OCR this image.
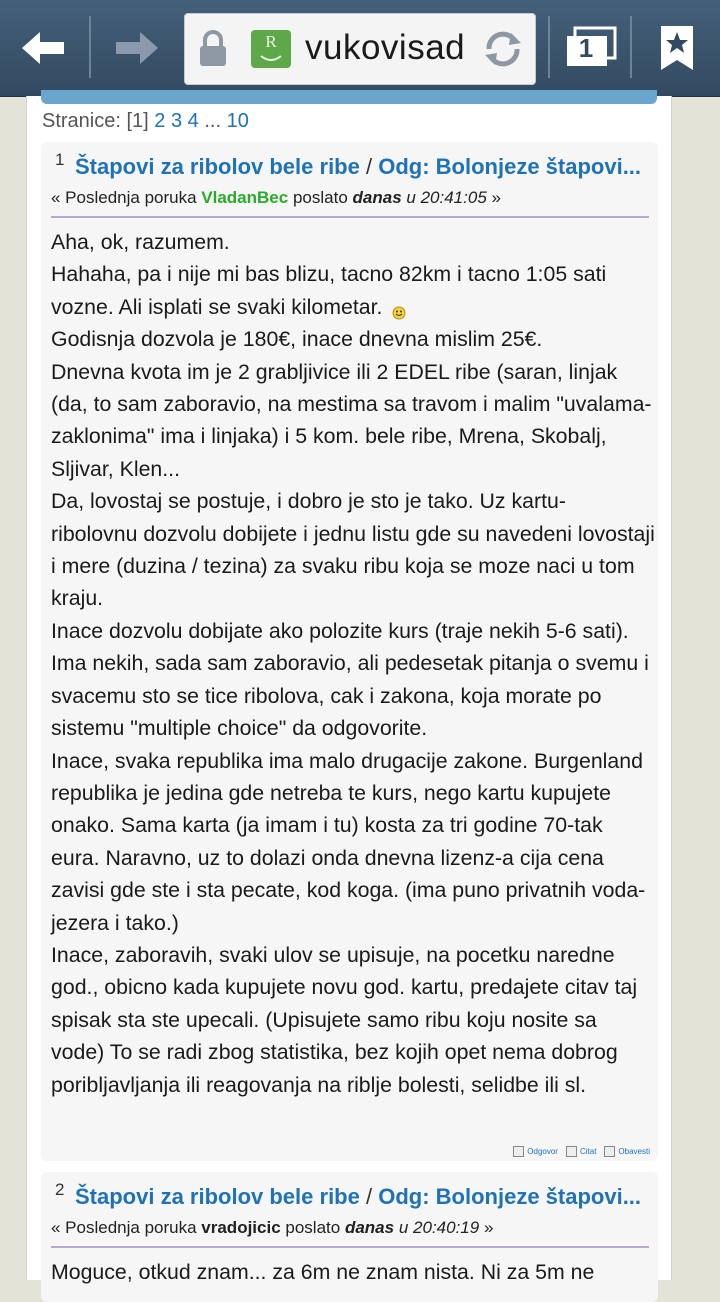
R vukovisad	1
Stranice: [1] 2 3 4 ... 10
1 Štapovi za ribolov bele ribe / Odg: Bolonjeze štapovi...
« Poslednja poruka VladanBec poslato danas u 20:41:05 »

Aha, ok, razumem.

Hahaha, pa i nije mi bas blizu, tacno 82km i tacno 1:05 sati vozne. Ali isplati se svaki kilometar.

Godisnja dozvola je 180€, inace dnevna mislim 25€.

Dnevna kvota im je 2 grabljivice ili 2 EDEL ribe (saran, linjak (da, to sam zaboravio, na mestima sa travom i malim "uvalama- zaklonima" ima i linjaka) i 5 kom. bele ribe, Mrena, Skobalj, Sljivar, Klen...

Da, lovostaj se postuje, i dobro je sto je tako. Uz kartu- ribolovnu dozvolu dobijete i jednu listu gde su navedeni lovostaji i mere (duzina / tezina) za svaku ribu koja se moze naci u tom kraju.

Inace dozvolu dobijate ako polozite kurs (traje nekih 5-6 sati). Ima nekih, sada sam zaboravio, ali pedesetak pitanja o svemu i svacemu sto se tice ribolova, cak i zakona, koja morate po sistemu "multiple choice" da odgovorite.

Inace, svaka republika ima malo drugacije zakone. Burgenland republika je jedina gde netreba te kurs, nego kartu kupujete onako. Sama karta (ja imam i tu) kosta za tri godine 70-tak eura. Naravno, uz to dolazi onda dnevna lizenz-a cija cena zavisi gde ste i sta pecate, kod koga. (ima puno privatnih voda- jezera i tako.)

Inace, zaboravih, svaki ulov se upisuje, na pocetku naredne god., obicno kada kupujete novu god. kartu, predajete citav taj spisak sta ste upecali. (Upisujete samo ribu koju nosite sa vode) To se radi zbog statistika, bez kojih opet nema dobrog poribljavljanja ili reagovanja na riblje bolesti, selidbe ili sl.

Odgovor	Citat	Obavesti
2 Štapovi za ribolov bele ribe / Odg: Bolonjeze štapovi...
« Poslednja poruka vradojicic poslato danas u 20:40:19 »

Moguce, otkud znam... za 6m ne znam nista. Ni za 5m ne
